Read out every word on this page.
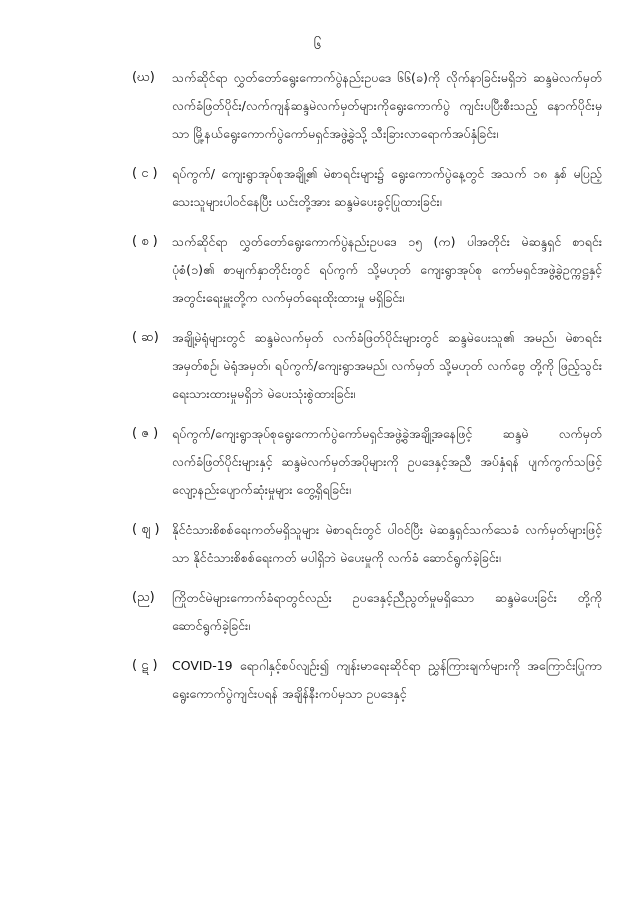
၆
(ဃ)	သက်ဆိုင်ရာ လွှတ်တော်ရွေးကောက်ပွဲနည်းဥပဒေ ၆၆(ခ)ကို လိုက်နာခြင်းမရှိဘဲ ဆန္ဒမဲလက်မှတ် လက်ခံဖြတ်ပိုင်း/လက်ကျန်ဆန္ဒမဲလက်မှတ်များကိုရွေးကောက်ပွဲ ကျင်းပပြီးစီးသည့် နောက်ပိုင်းမှသာ မြို့နယ်ရွေးကောက်ပွဲကော်မရှင်အဖွဲ့ခွဲသို့ သီးခြားလာရောက်အပ်နှံခြင်း၊
( င )	ရပ်ကွက်/ ကျေးရွာအုပ်စုအချို့၏ မဲစာရင်းများ၌ ရွေးကောက်ပွဲနေ့တွင် အသက် ၁၈ နှစ် မပြည့်သေးသူများပါဝင်နေပြီး ယင်းတို့အား ဆန္ဒမဲပေးခွင့်ပြုထားခြင်း၊
( စ )	သက်ဆိုင်ရာ လွှတ်တော်ရွေးကောက်ပွဲနည်းဥပဒေ ၁၅ (က) ပါအတိုင်း မဲဆန္ဒရှင် စာရင်း ပုံစံ(၁)၏ စာမျက်နှာတိုင်းတွင် ရပ်ကွက် သို့မဟုတ် ကျေးရွာအုပ်စု ကော်မရှင်အဖွဲ့ခွဲဥက္ကဋ္ဌနှင့် အတွင်းရေးမှူးတို့က လက်မှတ်ရေးထိုးထားမှု မရှိခြင်း၊
( ဆ)	အချို့မဲရုံများတွင် ဆန္ဒမဲလက်မှတ် လက်ခံဖြတ်ပိုင်းများတွင် ဆန္ဒမဲပေးသူ၏ အမည်၊ မဲစာရင်း အမှတ်စဉ်၊ မဲရုံအမှတ်၊ ရပ်ကွက်/ကျေးရွာအမည်၊ လက်မှတ် သို့မဟုတ် လက်ဗွေ တို့ကို ဖြည့်သွင်းရေးသားထားမှုမရှိဘဲ မဲပေးသုံးစွဲထားခြင်း၊
( ဇ )	ရပ်ကွက်/ကျေးရွာအုပ်စုရွေးကောက်ပွဲကော်မရှင်အဖွဲ့ခွဲအချို့အနေဖြင့် ဆန္ဒမဲ လက်မှတ်လက်ခံဖြတ်ပိုင်းများနှင့် ဆန္ဒမဲလက်မှတ်အပိုများကို ဥပဒေနှင့်အညီ အပ်နှံရန် ပျက်ကွက်သဖြင့် လျော့နည်းပျောက်ဆုံးမှုများ တွေ့ရှိရခြင်း၊
( ဈ ) နိုင်ငံသားစိစစ်ရေးကတ်မရှိသူများ မဲစာရင်းတွင် ပါဝင်ပြီး မဲဆန္ဒရှင်သက်သေခံ လက်မှတ်များဖြင့်သာ နိုင်ငံသားစိစစ်ရေးကတ် မပါရှိဘဲ မဲပေးမှုကို လက်ခံ ဆောင်ရွက်ခဲ့ခြင်း၊
(ည)	ကြိုတင်မဲများကောက်ခံရာတွင်လည်း ဥပဒေနှင့်ညီညွတ်မှုမရှိသော ဆန္ဒမဲပေးခြင်း တို့ကို ဆောင်ရွက်ခဲ့ခြင်း၊
( ဋ )	COVID-19 ရောဂါနှင့်စပ်လျဉ်း၍ ကျန်းမာရေးဆိုင်ရာ ညွှန်ကြားချက်များကို အကြောင်းပြုကာ ရွေးကောက်ပွဲကျင်းပရန် အချိန်နီးကပ်မှသာ ဥပဒေနှင့်
